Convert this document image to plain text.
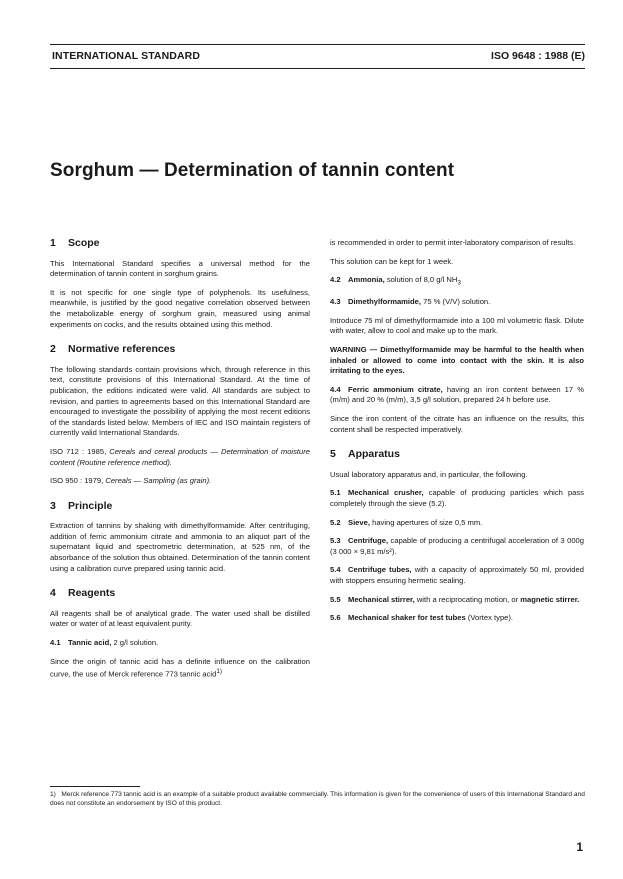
INTERNATIONAL STANDARD	ISO 9648 : 1988 (E)
Sorghum — Determination of tannin content
1 Scope

This International Standard specifies a universal method for the determination of tannin content in sorghum grains.

It is not specific for one single type of polyphenols. Its usefulness, meanwhile, is justified by the good negative correlation observed between the metabolizable energy of sorghum grain, measured using animal experiments on cocks, and the results obtained using this method.

2 Normative references

The following standards contain provisions which, through reference in this text, constitute provisions of this International Standard. At the time of publication, the editions indicated were valid. All standards are subject to revision, and parties to agreements based on this International Standard are encouraged to investigate the possibility of applying the most recent editions of the standards listed below. Members of IEC and ISO maintain registers of currently valid International Standards.

ISO 712 : 1985, Cereals and cereal products — Determination of moisture content (Routine reference method).

ISO 950 : 1979, Cereals — Sampling (as grain).

3 Principle

Extraction of tannins by shaking with dimethylformamide. After centrifuging, addition of ferric ammonium citrate and ammonia to an aliquot part of the supernatant liquid and spectrometric determination, at 525 nm, of the absorbance of the solution thus obtained. Determination of the tannin content using a calibration curve prepared using tannic acid.

4 Reagents

All reagents shall be of analytical grade. The water used shall be distilled water or water of at least equivalent purity.

4.1 Tannic acid, 2 g/l solution.

Since the origin of tannic acid has a definite influence on the calibration curve, the use of Merck reference 773 tannic acid$^{1)}$

is recommended in order to permit inter-laboratory comparison of results.

This solution can be kept for 1 week.

4.2 Ammonia, solution of 8,0 g/l $NH_3$

4.3 Dimethylformamide, 75 % (V/V) solution.

Introduce 75 ml of dimethylformamide into a 100 ml volumetric flask. Dilute with water, allow to cool and make up to the mark.

WARNING — Dimethylformamide may be harmful to the health when inhaled or allowed to come into contact with the skin. It is also irritating to the eyes.

4.4 Ferric ammonium citrate, having an iron content between 17 % (m/m) and 20 % (m/m), 3,5 g/l solution, prepared 24 h before use.

Since the iron content of the citrate has an influence on the results, this content shall be respected imperatively.

5 Apparatus

Usual laboratory apparatus and, in particular, the following.

5.1 Mechanical crusher, capable of producing particles which pass completely through the sieve (5.2).

5.2 Sieve, having apertures of size 0,5 mm.

5.3 Centrifuge, capable of producing a centrifugal acceleration of 3 000g (3 000 × 9,81 m/s²).

5.4 Centrifuge tubes, with a capacity of approximately 50 ml, provided with stoppers ensuring hermetic sealing.

5.5 Mechanical stirrer, with a reciprocating motion, or magnetic stirrer.

5.6 Mechanical shaker for test tubes (Vortex type).

1) Merck reference 773 tannic acid is an example of a suitable product available commercially. This information is given for the convenience of users of this International Standard and does not constitute an endorsement by ISO of this product.

1
